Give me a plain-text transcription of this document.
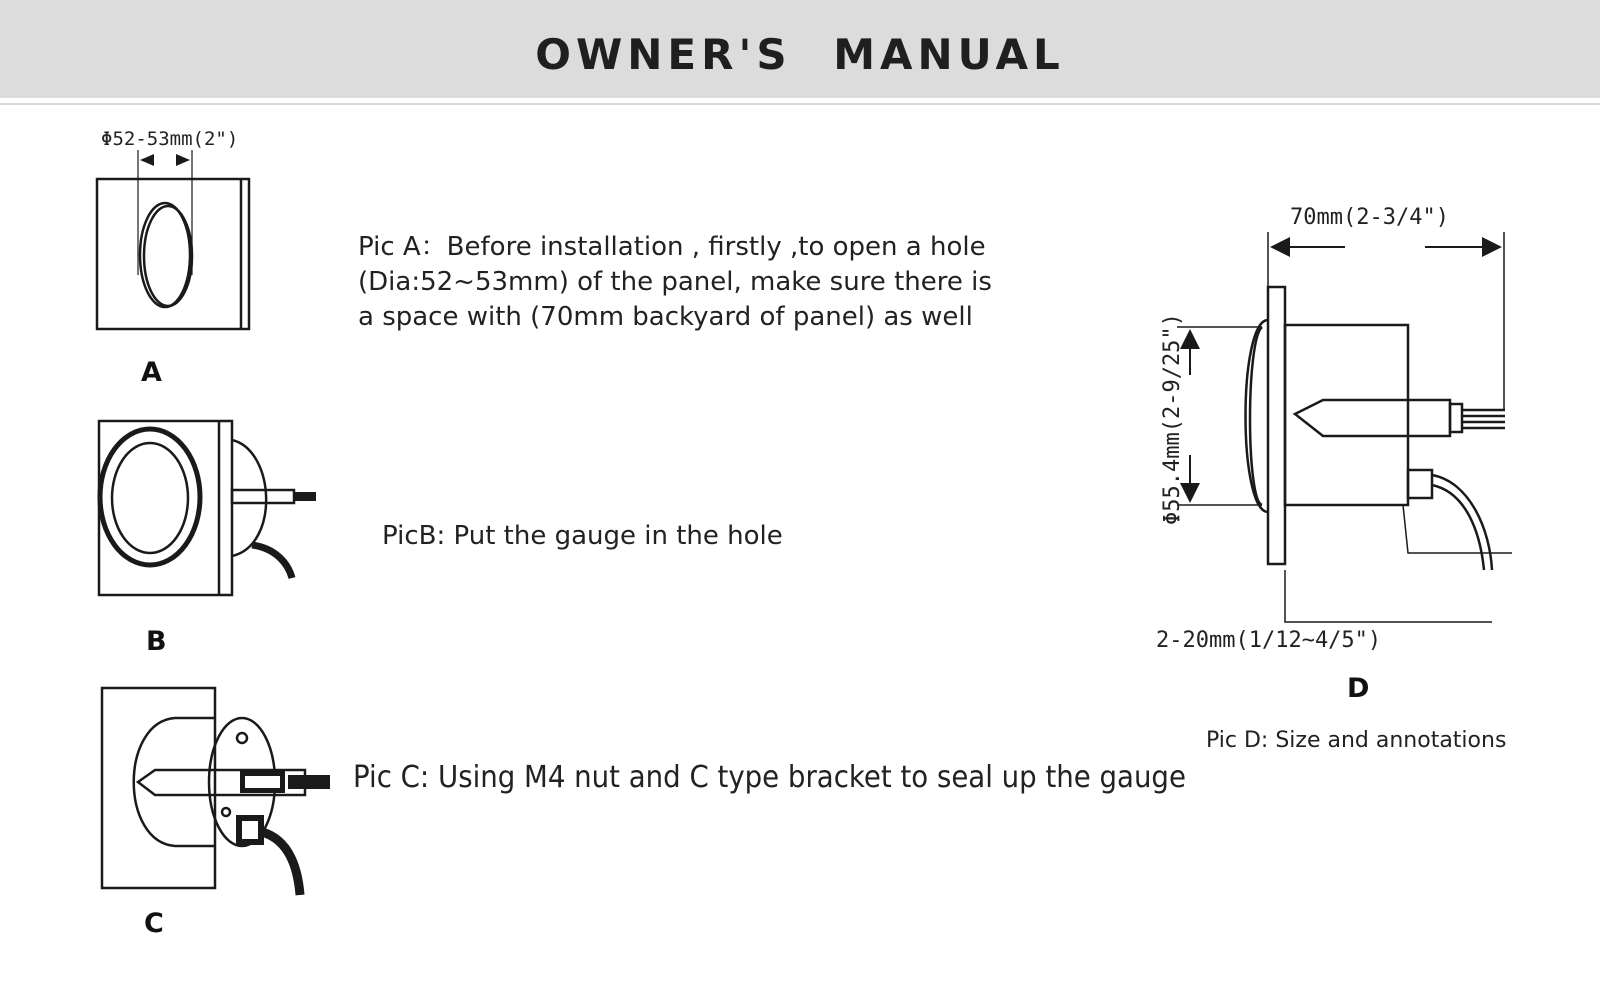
OWNER'S MANUAL
Φ52-53mm(2")
A
B
C
D
70mm(2-3/4")
Φ55.4mm(2-9/25")
2-20mm(1/12~4/5")
Pic A：Before installation , firstly ,to open a hole
(Dia:52~53mm) of the panel, make sure there is
a space with (70mm backyard of panel) as well
PicB: Put the gauge in the hole
Pic C: Using M4 nut and C type bracket to seal up the gauge
Pic D: Size and annotations
